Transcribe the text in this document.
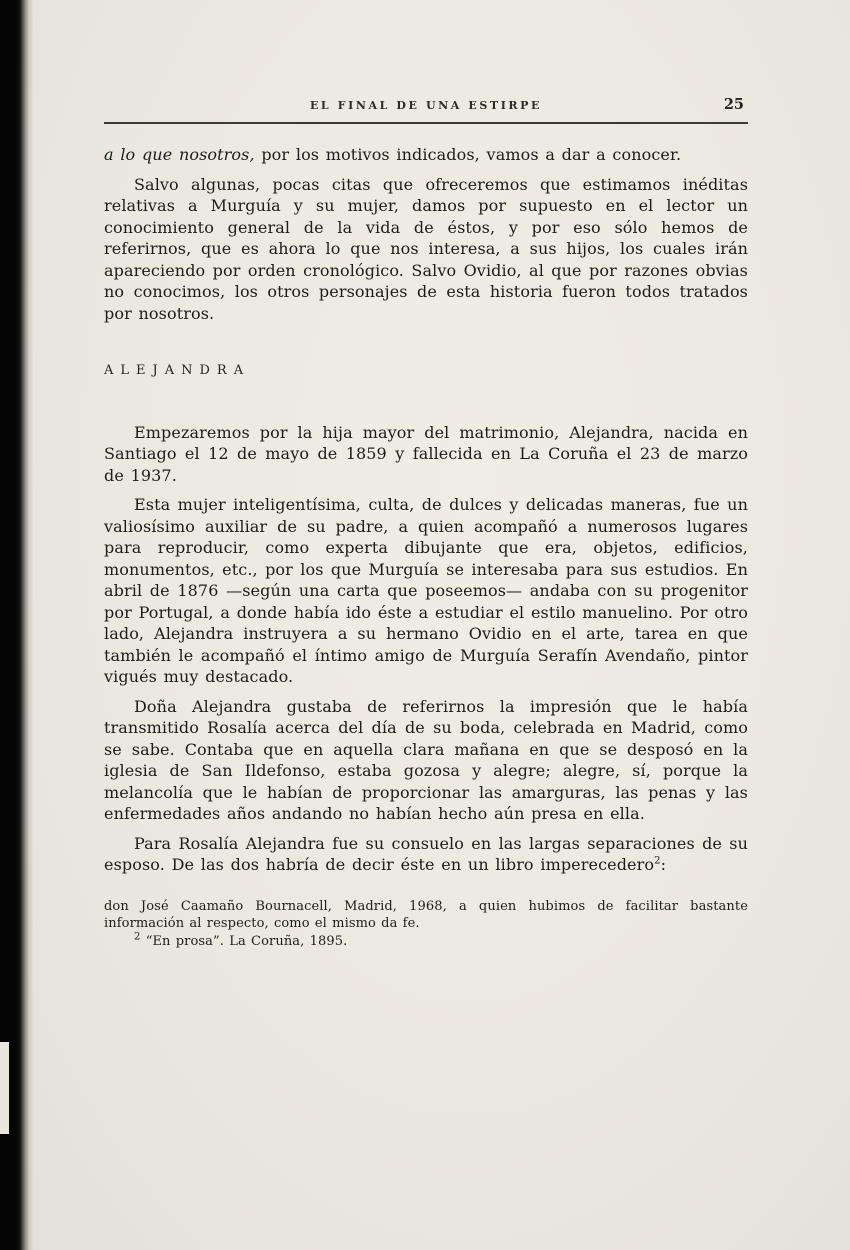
EL FINAL DE UNA ESTIRPE	25

a lo que nosotros, por los motivos indicados, vamos a dar a conocer.

Salvo algunas, pocas citas que ofreceremos que estimamos inéditas relativas a Murguía y su mujer, damos por supuesto en el lector un conocimiento general de la vida de éstos, y por eso sólo hemos de referirnos, que es ahora lo que nos interesa, a sus hijos, los cuales irán apareciendo por orden cronológico. Salvo Ovidio, al que por razones obvias no conocimos, los otros personajes de esta historia fueron todos tratados por nosotros.

ALEJANDRA

Empezaremos por la hija mayor del matrimonio, Alejandra, nacida en Santiago el 12 de mayo de 1859 y fallecida en La Coruña el 23 de marzo de 1937.

Esta mujer inteligentísima, culta, de dulces y delicadas maneras, fue un valiosísimo auxiliar de su padre, a quien acompañó a numerosos lugares para reproducir, como experta dibujante que era, objetos, edificios, monumentos, etc., por los que Murguía se interesaba para sus estudios. En abril de 1876 —según una carta que poseemos— andaba con su progenitor por Portugal, a donde había ido éste a estudiar el estilo manuelino. Por otro lado, Alejandra instruyera a su hermano Ovidio en el arte, tarea en que también le acompañó el íntimo amigo de Murguía Serafín Avendaño, pintor vigués muy destacado.

Doña Alejandra gustaba de referirnos la impresión que le había transmitido Rosalía acerca del día de su boda, celebrada en Madrid, como se sabe. Contaba que en aquella clara mañana en que se desposó en la iglesia de San Ildefonso, estaba gozosa y alegre; alegre, sí, porque la melancolía que le habían de proporcionar las amarguras, las penas y las enfermedades años andando no habían hecho aún presa en ella.

Para Rosalía Alejandra fue su consuelo en las largas separaciones de su esposo. De las dos habría de decir éste en un libro imperecedero$^2$:

don José Caamaño Bournacell, Madrid, 1968, a quien hubimos de facilitar bastante información al respecto, como el mismo da fe.

$^2$ “En prosa”. La Coruña, 1895.
